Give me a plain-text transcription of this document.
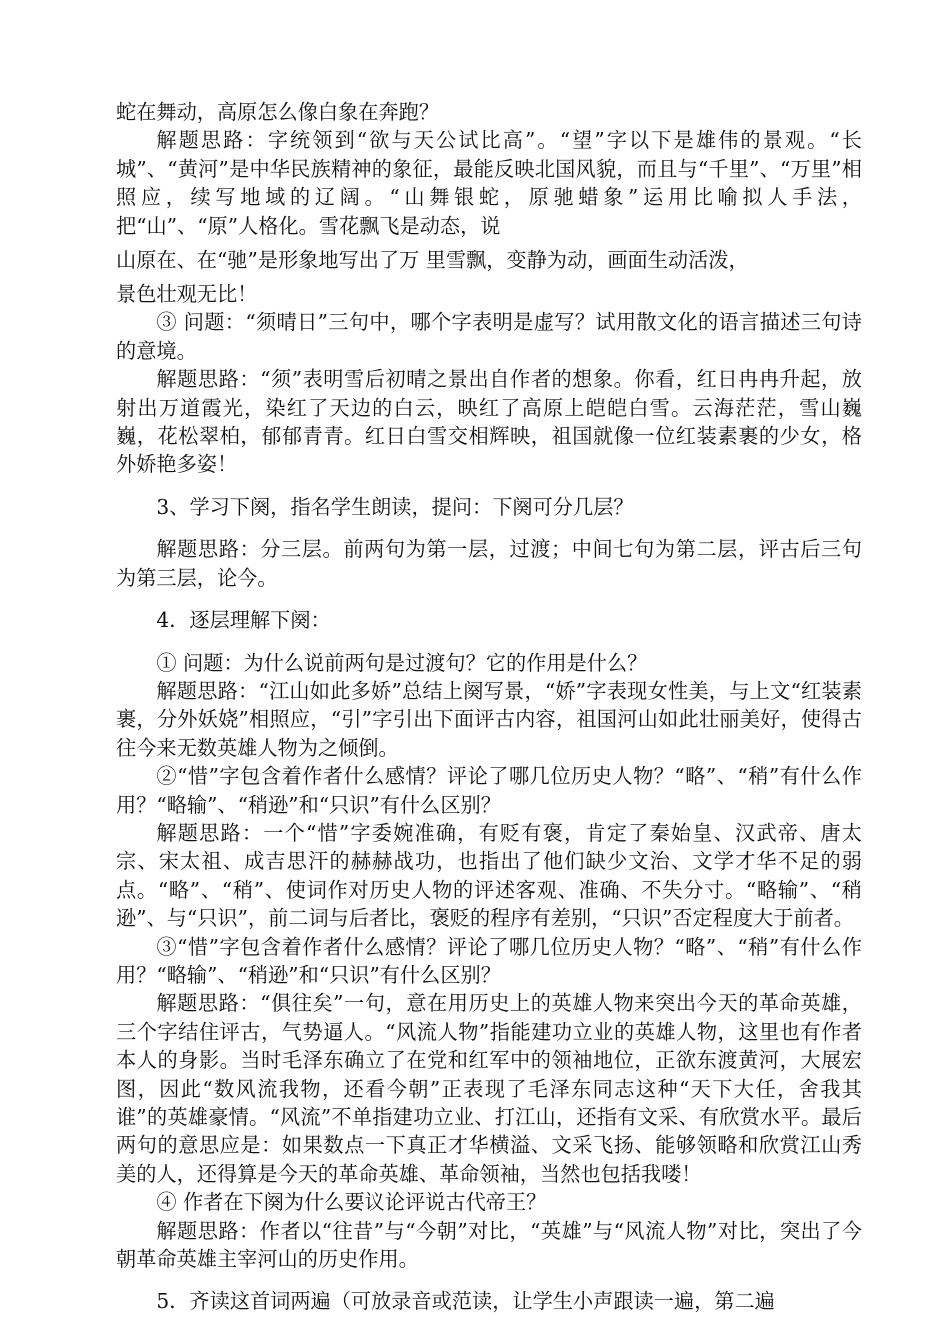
蛇在舞动，高原怎么像白象在奔跑？

解题思路：字统领到“欲与天公试比高”。“望”字以下是雄伟的景观。“长城”、“黄河”是中华民族精神的象征，最能反映北国风貌，而且与“千里”、“万里”相照应，续写地域的辽阔。“山舞银蛇，原驰蜡象”运用比喻拟人手法，把“山”、“原”人格化。雪花飘飞是动态，说

山原在、在“驰”是形象地写出了万 里雪飘，变静为动，画面生动活泼，

景色壮观无比！

③ 问题：“须晴日”三句中，哪个字表明是虚写？试用散文化的语言描述三句诗的意境。

解题思路：“须”表明雪后初晴之景出自作者的想象。你看，红日冉冉升起，放射出万道霞光，染红了天边的白云，映红了高原上皑皑白雪。云海茫茫，雪山巍巍，花松翠柏，郁郁青青。红日白雪交相辉映，祖国就像一位红装素裹的少女，格外娇艳多姿！

3、学习下阕，指名学生朗读，提问：下阕可分几层？

解题思路：分三层。前两句为第一层，过渡；中间七句为第二层，评古后三句为第三层，论今。

4．逐层理解下阕：

① 问题：为什么说前两句是过渡句？它的作用是什么？

解题思路：“江山如此多娇”总结上阕写景，“娇”字表现女性美，与上文“红装素裹，分外妖娆”相照应，“引”字引出下面评古内容，祖国河山如此壮丽美好，使得古往今来无数英雄人物为之倾倒。

②“惜”字包含着作者什么感情？评论了哪几位历史人物？“略”、“稍”有什么作用？“略输”、“稍逊”和“只识”有什么区别？

解题思路：一个“惜”字委婉准确，有贬有褒，肯定了秦始皇、汉武帝、唐太宗、宋太祖、成吉思汗的赫赫战功，也指出了他们缺少文治、文学才华不足的弱点。“略”、“稍”、使词作对历史人物的评述客观、准确、不失分寸。“略输”、“稍逊”、与“只识”，前二词与后者比，褒贬的程序有差别，“只识”否定程度大于前者。

③“惜”字包含着作者什么感情？评论了哪几位历史人物？“略”、“稍”有什么作用？“略输”、“稍逊”和“只识”有什么区别？

解题思路：“俱往矣”一句，意在用历史上的英雄人物来突出今天的革命英雄，三个字结住评古，气势逼人。“风流人物”指能建功立业的英雄人物，这里也有作者本人的身影。当时毛泽东确立了在党和红军中的领袖地位，正欲东渡黄河，大展宏图，因此“数风流我物，还看今朝”正表现了毛泽东同志这种“天下大任，舍我其谁”的英雄豪情。“风流”不单指建功立业、打江山，还指有文采、有欣赏水平。最后两句的意思应是：如果数点一下真正才华横溢、文采飞扬、能够领略和欣赏江山秀美的人，还得算是今天的革命英雄、革命领袖，当然也包括我喽！

④ 作者在下阕为什么要议论评说古代帝王？

解题思路：作者以“往昔”与“今朝”对比，“英雄”与“风流人物”对比，突出了今朝革命英雄主宰河山的历史作用。

5．齐读这首词两遍（可放录音或范读，让学生小声跟读一遍，第二遍
